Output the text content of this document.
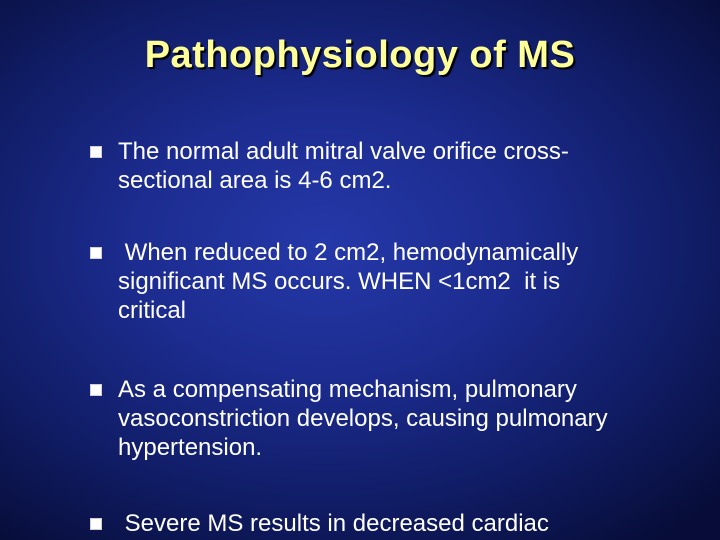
Pathophysiology of MS
The normal adult mitral valve orifice cross-
sectional area is 4-6 cm2.
When reduced to 2 cm2, hemodynamically
significant MS occurs. WHEN <1cm2  it is
critical
As a compensating mechanism, pulmonary
vasoconstriction develops, causing pulmonary
hypertension.
Severe MS results in decreased cardiac
